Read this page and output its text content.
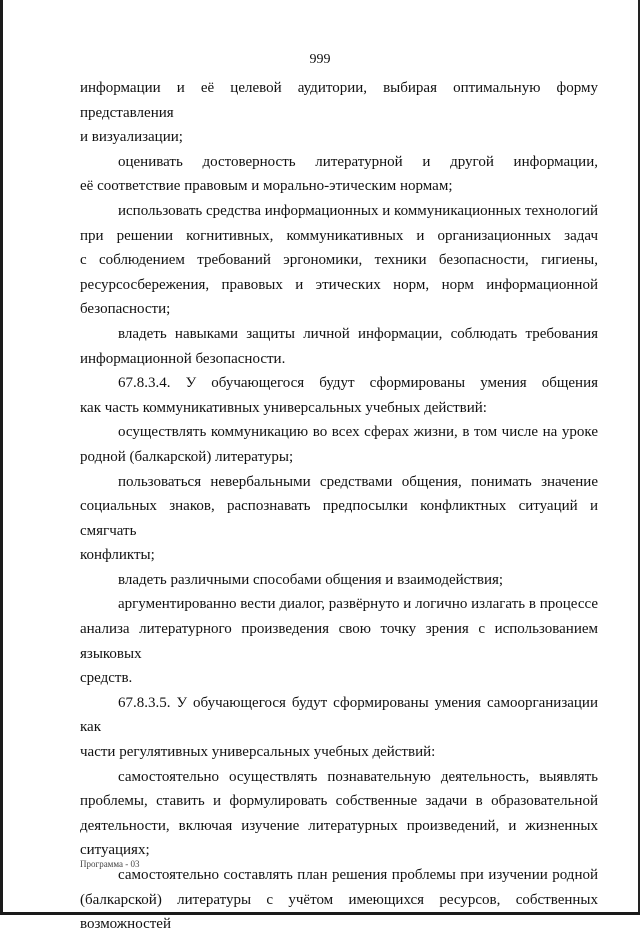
999

информации и её целевой аудитории, выбирая оптимальную форму представления

и визуализации;

оценивать достоверность литературной и другой информации,

её соответствие правовым и морально-этическим нормам;

использовать средства информационных и коммуникационных технологий

при решении когнитивных, коммуникативных и организационных задач

с соблюдением требований эргономики, техники безопасности, гигиены,

ресурсосбережения, правовых и этических норм, норм информационной

безопасности;

владеть навыками защиты личной информации, соблюдать требования

информационной безопасности.

67.8.3.4. У обучающегося будут сформированы умения общения

как часть коммуникативных универсальных учебных действий:

осуществлять коммуникацию во всех сферах жизни, в том числе на уроке

родной (балкарской) литературы;

пользоваться невербальными средствами общения, понимать значение

социальных знаков, распознавать предпосылки конфликтных ситуаций и смягчать

конфликты;

владеть различными способами общения и взаимодействия;

аргументированно вести диалог, развёрнуто и логично излагать в процессе

анализа литературного произведения свою точку зрения с использованием языковых

средств.

67.8.3.5. У обучающегося будут сформированы умения самоорганизации как

части регулятивных универсальных учебных действий:

самостоятельно осуществлять познавательную деятельность, выявлять

проблемы, ставить и формулировать собственные задачи в образовательной

деятельности, включая изучение литературных произведений, и жизненных

ситуациях;

самостоятельно составлять план решения проблемы при изучении родной

(балкарской) литературы с учётом имеющихся ресурсов, собственных возможностей

Программа - 03
